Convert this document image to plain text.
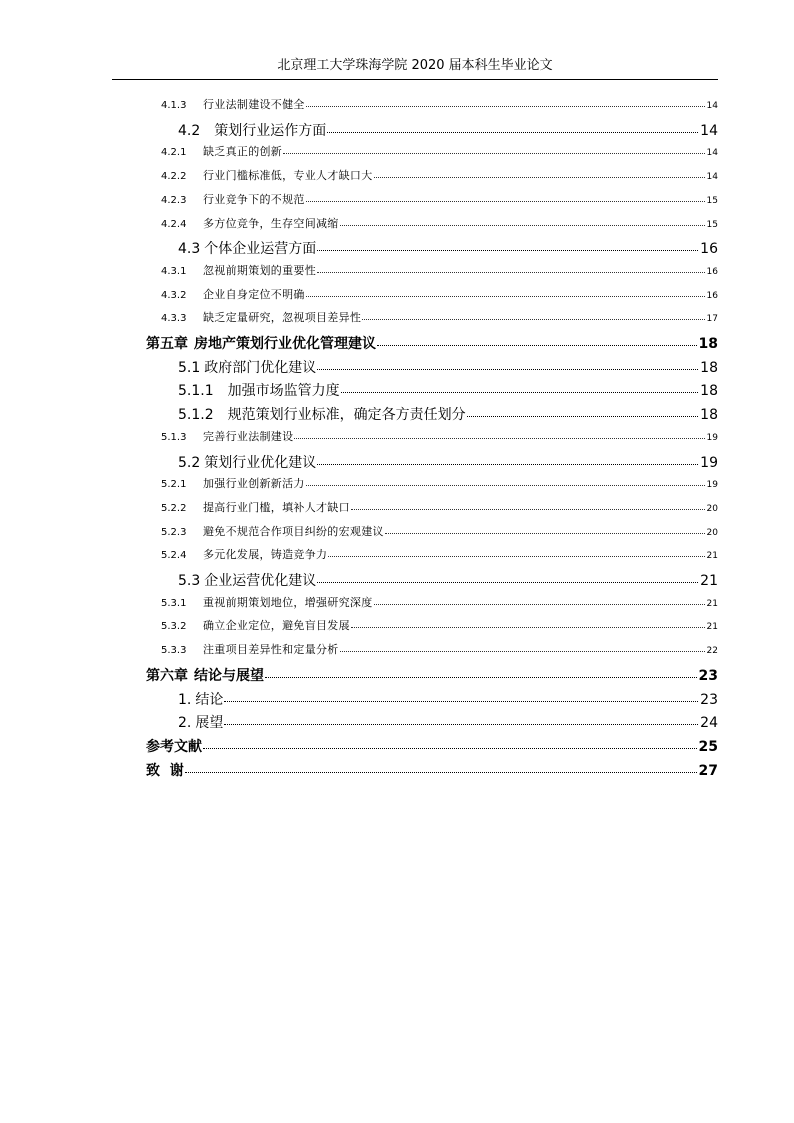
北京理工大学珠海学院 2020 届本科生毕业论文
4.1.3	行业法制建设不健全	14
4.2 策划行业运作方面	14
4.2.1	缺乏真正的创新	14
4.2.2	行业门槛标准低，专业人才缺口大	14
4.2.3	行业竞争下的不规范	15
4.2.4	多方位竞争，生存空间减缩	15
4.3 个体企业运营方面	16
4.3.1	忽视前期策划的重要性	16
4.3.2	企业自身定位不明确	16
4.3.3	缺乏定量研究，忽视项目差异性	17
第五章 房地产策划行业优化管理建议	18
5.1 政府部门优化建议	18
5.1.1 加强市场监管力度	18
5.1.2 规范策划行业标准，确定各方责任划分	18
5.1.3	完善行业法制建设	19
5.2 策划行业优化建议	19
5.2.1	加强行业创新新活力	19
5.2.2	提高行业门槛，填补人才缺口	20
5.2.3	避免不规范合作项目纠纷的宏观建议	20
5.2.4	多元化发展，铸造竞争力	21
5.3 企业运营优化建议	21
5.3.1	重视前期策划地位，增强研究深度	21
5.3.2	确立企业定位，避免盲目发展	21
5.3.3	注重项目差异性和定量分析	22
第六章 结论与展望	23
1. 结论	23
2. 展望	24
参考文献	25
致  谢	27
